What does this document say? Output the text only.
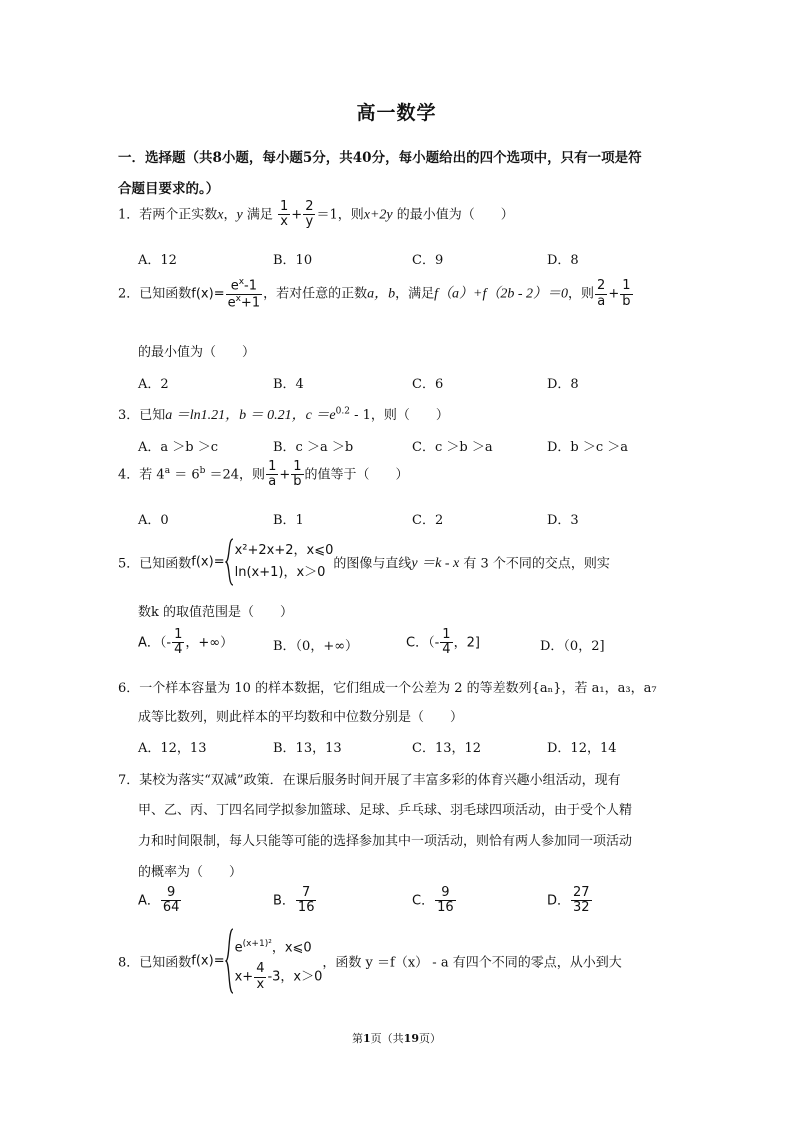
高一数学
一．选择题（共8小题，每小题5分，共40分，每小题给出的四个选项中，只有一项是符
合题目要求的。）
1．若两个正实数x，y 满足 $\frac{1}{x} + \frac{2}{y} =1$，则x+2y 的最小值为（　　）
A．12	B．10	C．9	D．8
2．已知函数$f(x)= \frac{e^x-1}{e^x+1}$ ，若对任意的正数a，b，满足f（a）+f（2b - 2）＝0，则 $\frac{2}{a} + \frac{1}{b}$
的最小值为（　　）
A．2	B．4	C．6	D．8
3．已知a ＝ln1.21，b ＝ 0.21，$c =e^{0.2} - 1$，则（　　）
A．a ＞b ＞c	B．c ＞a ＞b	C．c ＞b ＞a	D．b ＞c ＞a
4．若 $4^a = 6^b =24$，则 $\frac{1}{a} + \frac{1}{b}$ 的值等于（　　）
A．0	B．1	C．2	D．3
5．已知函数f(x)=
x²+2x+2，x⩽0
ln(x+1)，x＞0
的图像与直线y ＝k - x 有 3 个不同的交点，则实
数k 的取值范围是（　　）
A．（- $\frac{1}{4}$ ，+∞）	B．（0，+∞）	C．（- $\frac{1}{4}$ ，2]	D．（0，2]
6．一个样本容量为 10 的样本数据，它们组成一个公差为 2 的等差数列{aₙ}，若 a₁，a₃，a₇
成等比数列，则此样本的平均数和中位数分别是（　　）
A．12，13	B．13，13	C．13，12	D．12，14
7．某校为落实“双减”政策．在课后服务时间开展了丰富多彩的体育兴趣小组活动，现有
甲、乙、丙、丁四名同学拟参加篮球、足球、乒乓球、羽毛球四项活动，由于受个人精
力和时间限制，每人只能等可能的选择参加其中一项活动，则恰有两人参加同一项活动
的概率为（　　）
A． $\frac{9}{64}$	B． $\frac{7}{16}$	C． $\frac{9}{16}$	D． $\frac{27}{32}$
8．已知函数f(x)=
$e^{(x+1)^2}$，x⩽0
$x+ \frac{4}{x} -3$，x＞0
，函数 y ＝f（x） - a 有四个不同的零点，从小到大
第1页（共19页）
